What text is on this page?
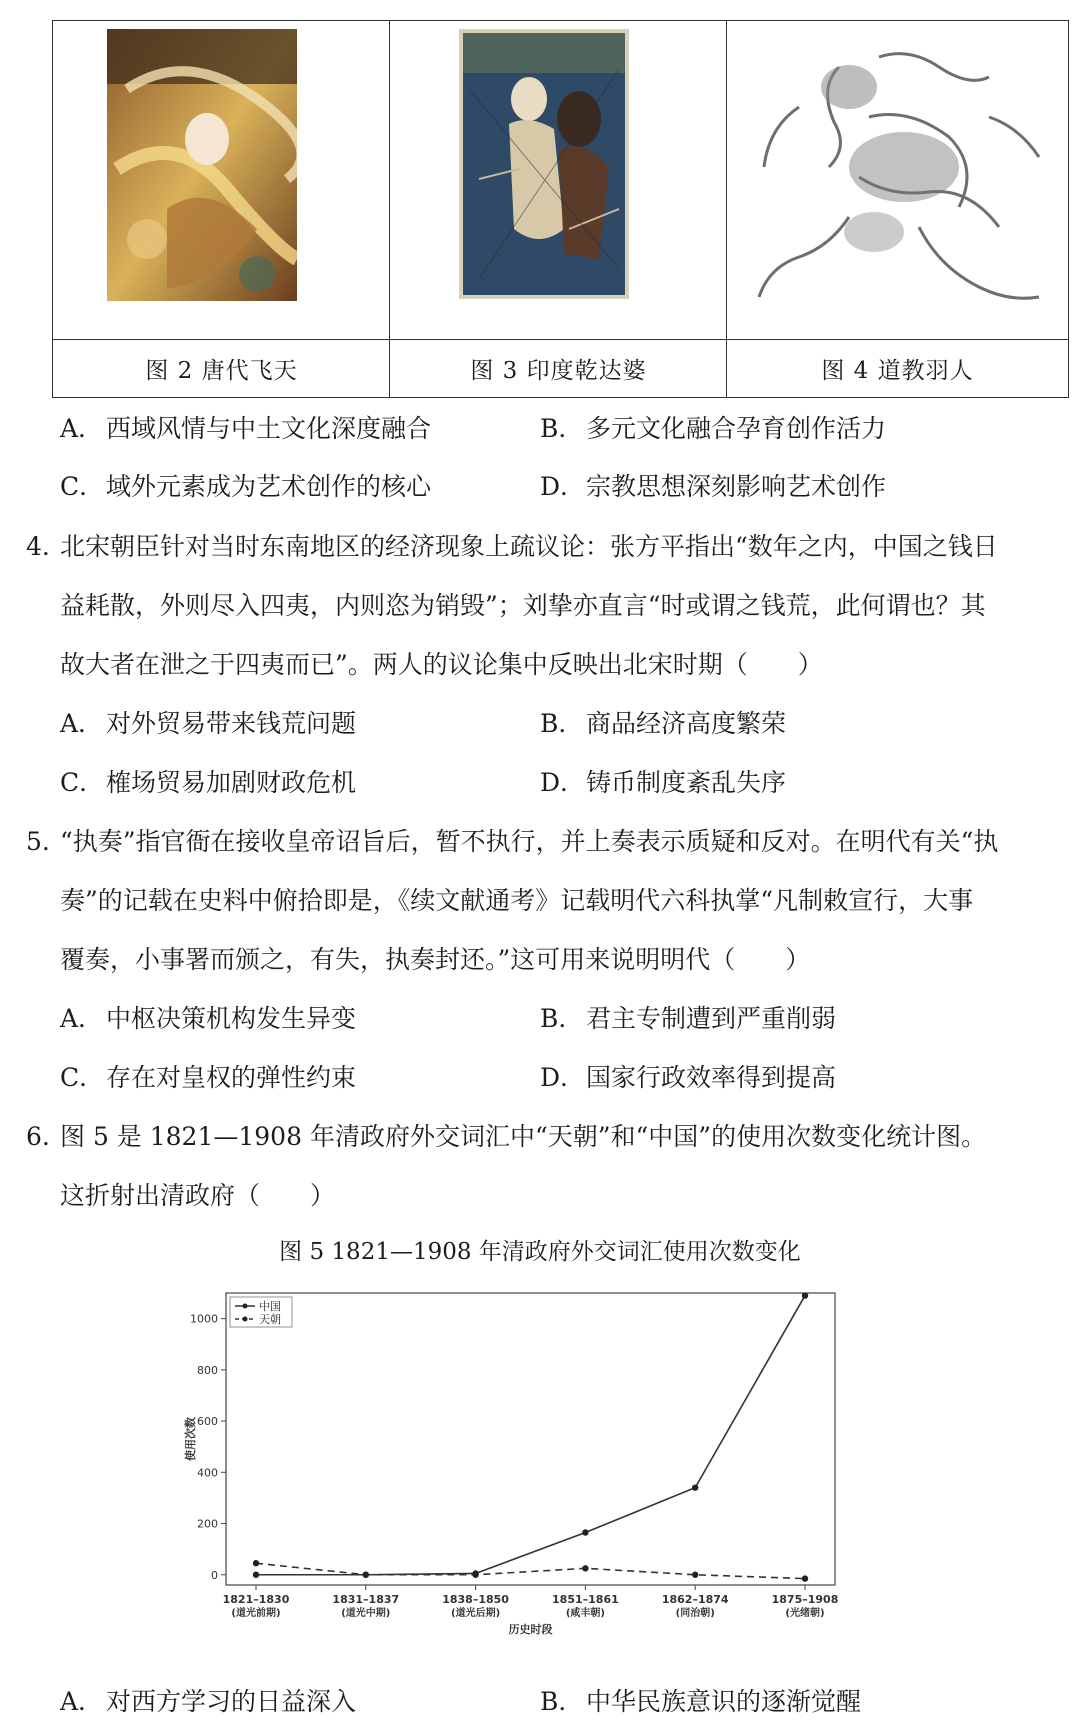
图 2 唐代飞天	图 3 印度乾达婆	图 4 道教羽人
A． 西域风情与中土文化深度融合	B． 多元文化融合孕育创作活力
C．域外元素成为艺术创作的核心	D．宗教思想深刻影响艺术创作
4. 北宋朝臣针对当时东南地区的经济现象上疏议论：张方平指出“数年之内，中国之钱日
益耗散，外则尽入四夷，内则恣为销毁”；刘挚亦直言“时或谓之钱荒，此何谓也？其
故大者在泄之于四夷而已”。两人的议论集中反映出北宋时期（　　）
A． 对外贸易带来钱荒问题	B． 商品经济高度繁荣
C．榷场贸易加剧财政危机	D．铸币制度紊乱失序
5. “执奏”指官衙在接收皇帝诏旨后，暂不执行，并上奏表示质疑和反对。在明代有关“执
奏”的记载在史料中俯拾即是，《续文献通考》记载明代六科执掌“凡制敕宣行，大事
覆奏，小事署而颁之，有失，执奏封还。”这可用来说明明代（　　）
A． 中枢决策机构发生异变	B． 君主专制遭到严重削弱
C．存在对皇权的弹性约束	D．国家行政效率得到提高
6. 图 5 是 1821—1908 年清政府外交词汇中“天朝”和“中国”的使用次数变化统计图。
这折射出清政府（　　）
图 5 1821—1908 年清政府外交词汇使用次数变化
0
200
400
600
800
1000
1821–1830
(道光前期)
1831–1837
(道光中期)
1838–1850
(道光后期)
1851–1861
(咸丰朝)
1862–1874
(同治朝)
1875–1908
(光绪朝)
历史时段
使用次数
中国
天朝
A． 对西方学习的日益深入	B． 中华民族意识的逐渐觉醒
